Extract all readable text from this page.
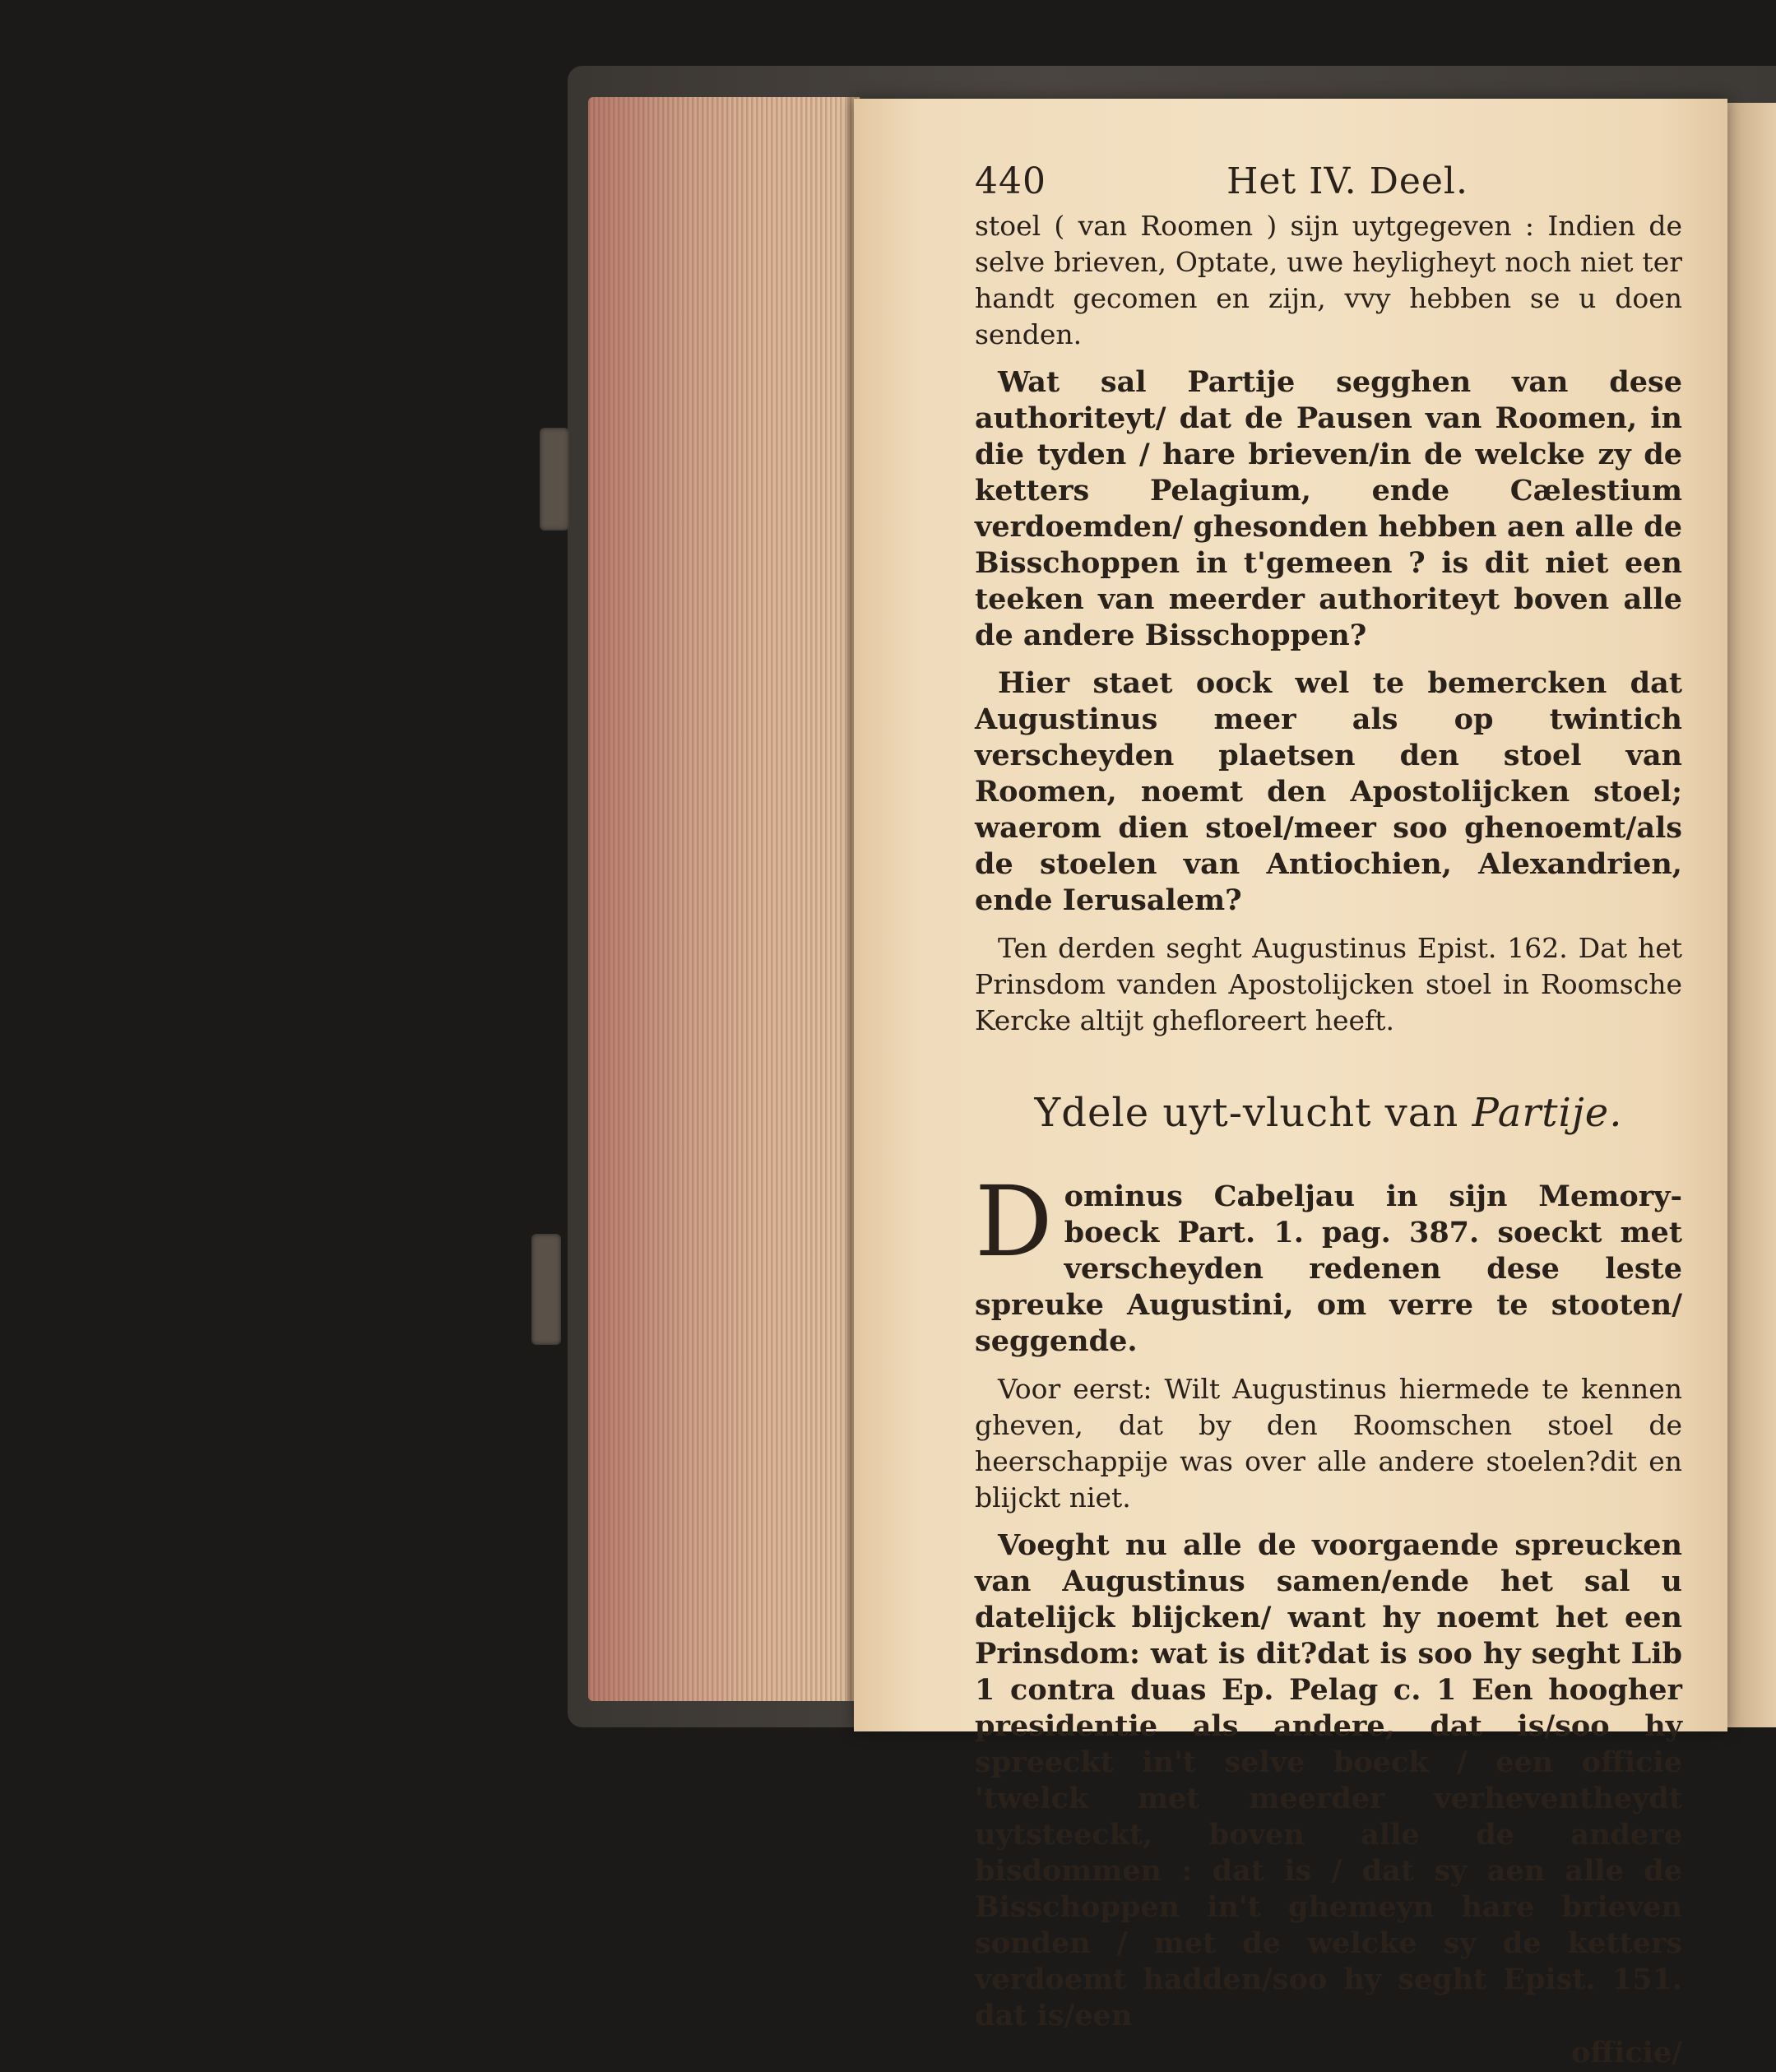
440	Het IV. Deel.

stoel ( van Roomen ) sijn uytgegeven : Indien de selve brieven, Optate, uwe heyligheyt noch niet ter handt gecomen en zijn, vvy hebben se u doen senden.

Wat sal Partije segghen van dese authoriteyt/ dat de Pausen van Roomen, in die tyden / hare brieven/in de welcke zy de ketters Pelagium, ende Cælestium verdoemden/ ghesonden hebben aen alle de Bisschoppen in t'gemeen ? is dit niet een teeken van meerder authoriteyt boven alle de andere Bisschoppen?

Hier staet oock wel te bemercken dat Augustinus meer als op twintich verscheyden plaetsen den stoel van Roomen, noemt den Apostolijcken stoel; waerom dien stoel/meer soo ghenoemt/als de stoelen van Antiochien, Alexandrien, ende Ierusalem?

Ten derden seght Augustinus Epist. 162. Dat het Prinsdom vanden Apostolijcken stoel in Roomsche Kercke altijt ghefloreert heeft.

Ydele uyt-vlucht van Partije.
D ominus Cabeljau in sijn Memory-boeck Part. 1. pag. 387. soeckt met verscheyden redenen dese leste spreuke Augustini, om verre te stooten/ seggende.

Voor eerst: Wilt Augustinus hiermede te kennen gheven, dat by den Roomschen stoel de heerschappije was over alle andere stoelen?dit en blijckt niet.

Voeght nu alle de voorgaende spreucken van Augustinus samen/ende het sal u datelijck blijcken/ want hy noemt het een Prinsdom: wat is dit?dat is soo hy seght Lib 1 contra duas Ep. Pelag c. 1 Een hoogher presidentie als andere, dat is/soo hy spreeckt in't selve boeck / een officie 'twelck met meerder verheventheydt uytsteeckt, boven alle de andere bisdommen : dat is / dat sy aen alle de Bisschoppen in't ghemeyn hare brieven sonden / met de welcke sy de ketters verdoemt hadden/soo hy seght Epist. 151. dat is/een

officie/
